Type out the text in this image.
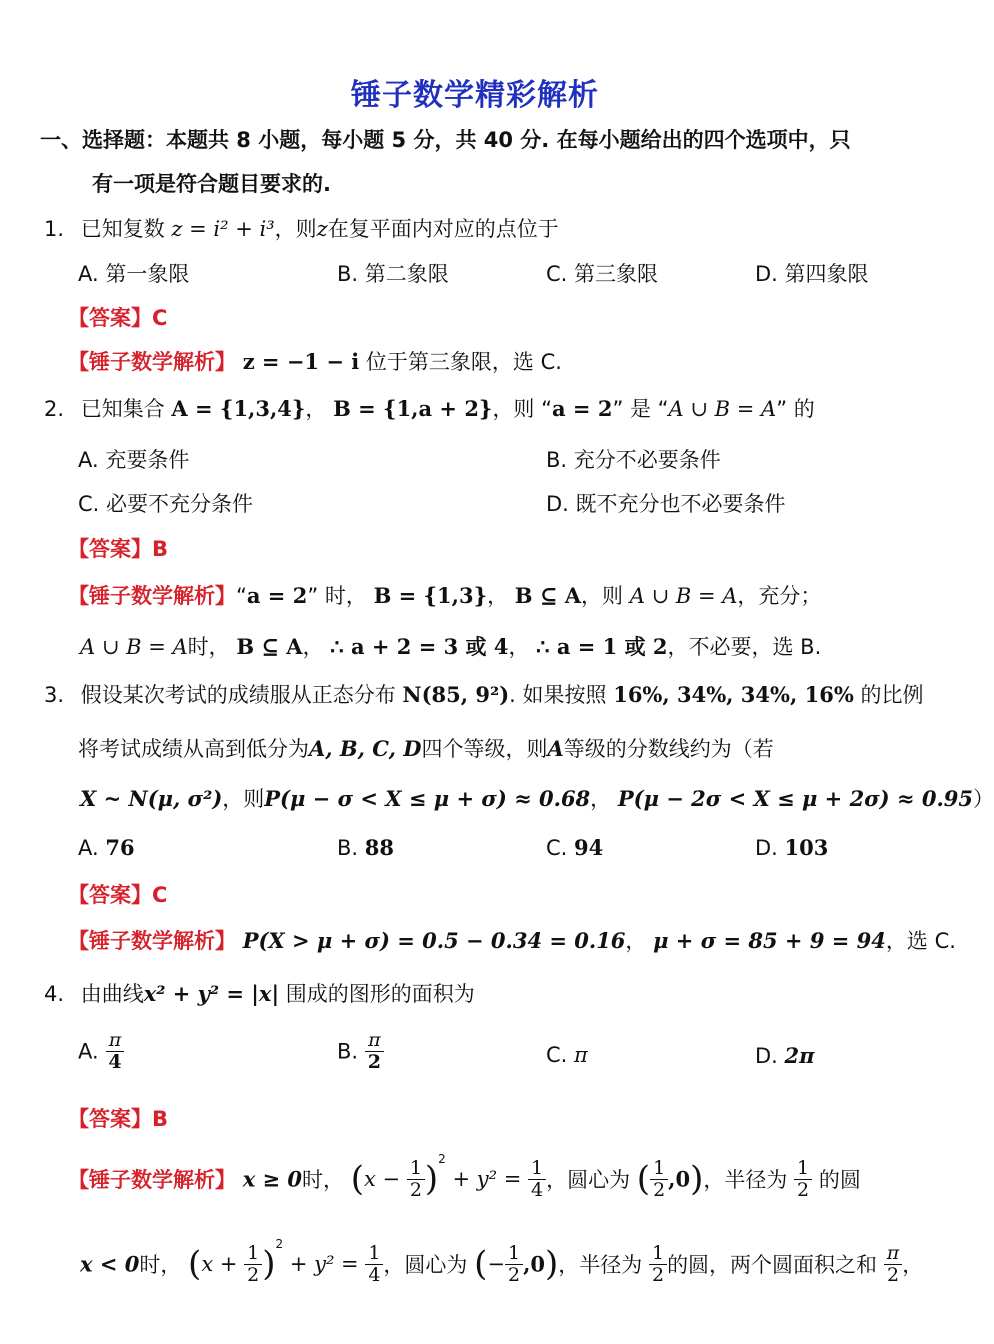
锤子数学精彩解析
一、选择题：本题共 8 小题，每小题 5 分，共 40 分. 在每小题给出的四个选项中，只
有一项是符合题目要求的.
1. 已知复数 z = i² + i³，则z在复平面内对应的点位于
A. 第一象限	B. 第二象限	C. 第三象限	D. 第四象限
【答案】C
【锤子数学解析】 z = −1 − i 位于第三象限，选 C.
2. 已知集合 A = {1,3,4}， B = {1,a + 2}，则 “a = 2” 是 “A ∪ B = A” 的
A. 充要条件	B. 充分不必要条件
C. 必要不充分条件	D. 既不充分也不必要条件
【答案】B
【锤子数学解析】“a = 2” 时， B = {1,3}， B ⊆ A，则 A ∪ B = A，充分；
A ∪ B = A时， B ⊆ A， ∴ a + 2 = 3 或 4， ∴ a = 1 或 2，不必要，选 B.
3. 假设某次考试的成绩服从正态分布 N(85, 9²). 如果按照 16%, 34%, 34%, 16% 的比例
将考试成绩从高到低分为A, B, C, D四个等级，则A等级的分数线约为（若
X ~ N(μ, σ²)，则P(μ − σ < X ≤ μ + σ) ≈ 0.68， P(μ − 2σ < X ≤ μ + 2σ) ≈ 0.95）
A. 76	B. 88	C. 94	D. 103
【答案】C
【锤子数学解析】 P(X > μ + σ) = 0.5 − 0.34 = 0.16， μ + σ = 85 + 9 = 94，选 C.
4. 由曲线x² + y² = |x| 围成的图形的面积为
A. $\frac{\pi}{4}$	B. $\frac{\pi}{2}$	C. π	D. 2π
【答案】B
【锤子数学解析】 x ≥ 0时， $(x - \frac{1}{2} )^2 + y^2 = \frac{1}{4}$ ，圆心为 ( $\frac{1}{2} ,0$)，半径为 $\frac{1}{2}$ 的圆
x < 0时， $(x + \frac{1}{2} )^2 + y^2 = \frac{1}{4}$ ，圆心为 (− $\frac{1}{2} ,0$)，半径为 $\frac{1}{2}$ 的圆，两个圆面积之和 $\frac{\pi}{2}$ ，
